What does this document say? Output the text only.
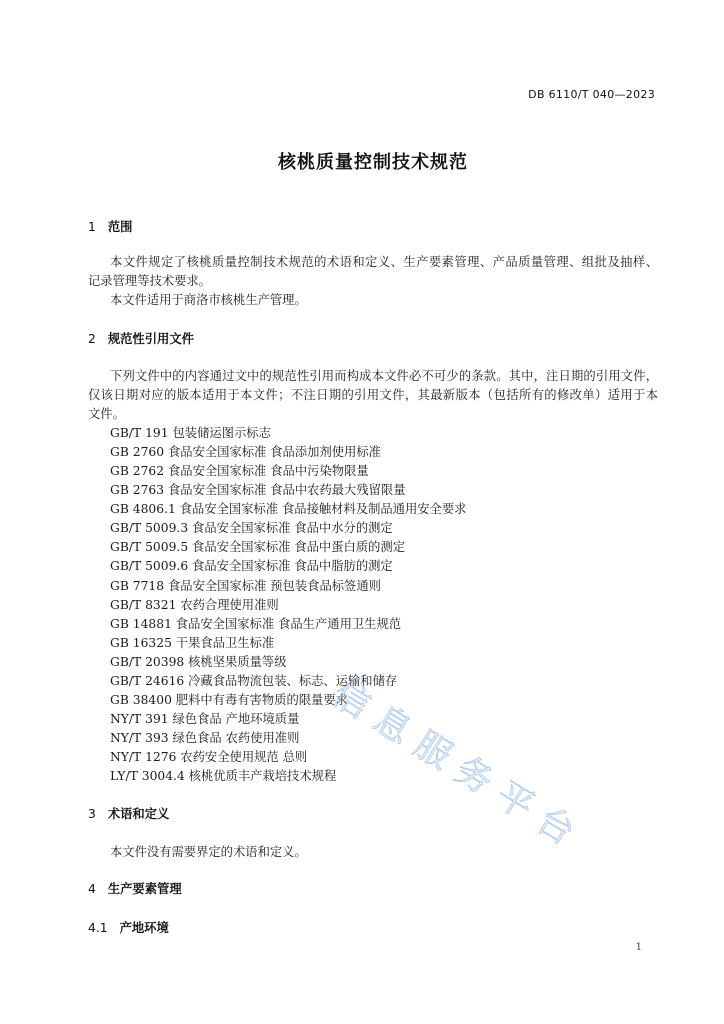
DB 6110/T 040—2023
核桃质量控制技术规范
1 范围
本文件规定了核桃质量控制技术规范的术语和定义、生产要素管理、产品质量管理、组批及抽样、
记录管理等技术要求。
本文件适用于商洛市核桃生产管理。
2 规范性引用文件
下列文件中的内容通过文中的规范性引用而构成本文件必不可少的条款。其中，注日期的引用文件，
仅该日期对应的版本适用于本文件；不注日期的引用文件，其最新版本（包括所有的修改单）适用于本
文件。
GB/T 191 包装储运图示标志
GB 2760 食品安全国家标准 食品添加剂使用标准
GB 2762 食品安全国家标准 食品中污染物限量
GB 2763 食品安全国家标准 食品中农药最大残留限量
GB 4806.1 食品安全国家标准 食品接触材料及制品通用安全要求
GB/T 5009.3 食品安全国家标准 食品中水分的测定
GB/T 5009.5 食品安全国家标准 食品中蛋白质的测定
GB/T 5009.6 食品安全国家标准 食品中脂肪的测定
GB 7718 食品安全国家标准 预包装食品标签通则
GB/T 8321 农药合理使用准则
GB 14881 食品安全国家标准 食品生产通用卫生规范
GB 16325 干果食品卫生标准
GB/T 20398 核桃坚果质量等级
GB/T 24616 冷藏食品物流包装、标志、运输和储存
GB 38400 肥料中有毒有害物质的限量要求
NY/T 391 绿色食品 产地环境质量
NY/T 393 绿色食品 农药使用准则
NY/T 1276 农药安全使用规范 总则
LY/T 3004.4 核桃优质丰产栽培技术规程
3 术语和定义
本文件没有需要界定的术语和定义。
4 生产要素管理
4.1 产地环境
1
信息服务平台
